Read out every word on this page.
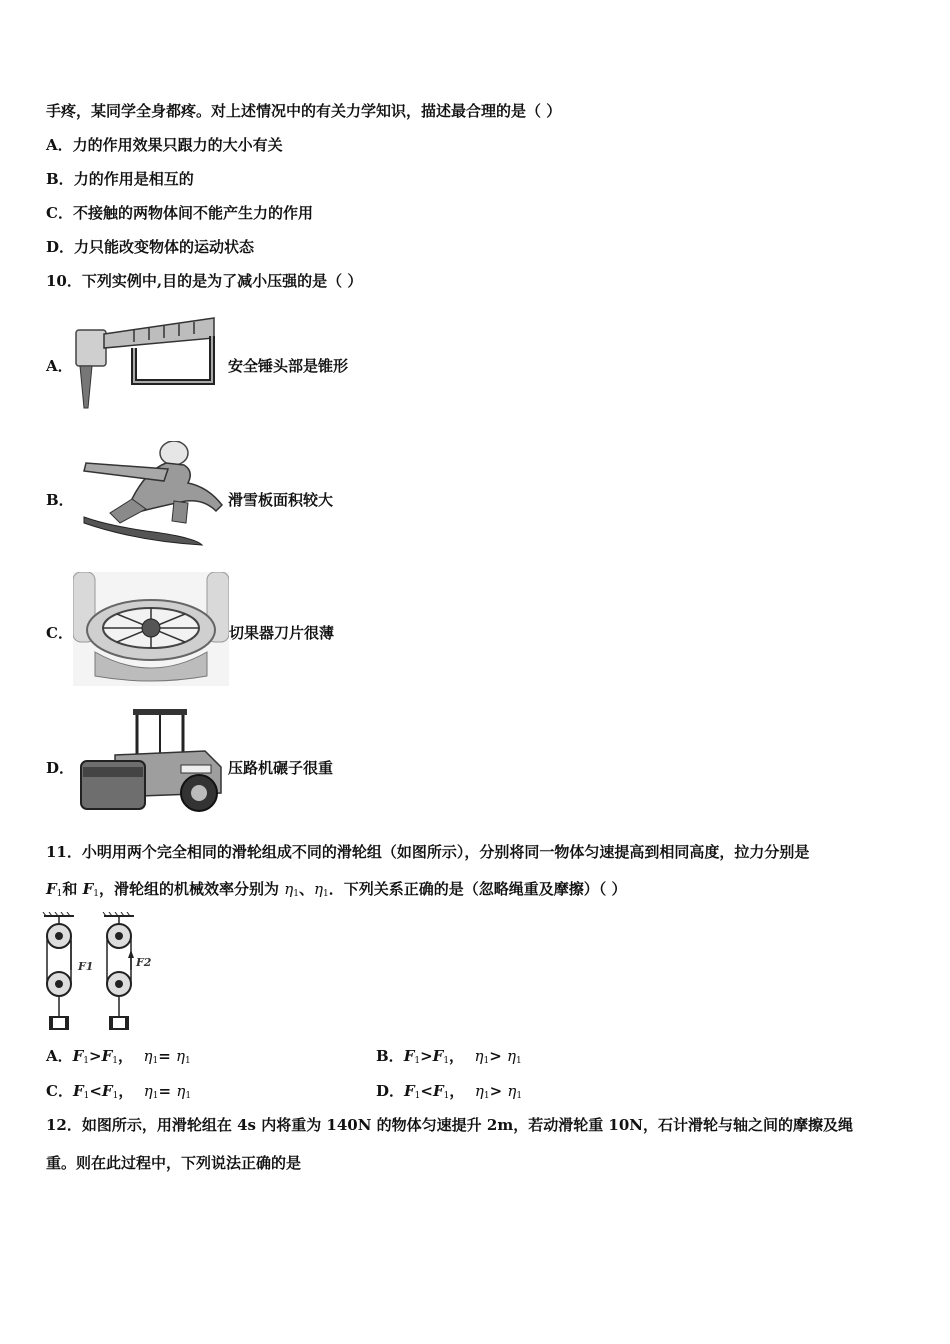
手疼，某同学全身都疼。对上述情况中的有关力学知识，描述最合理的是（ ）
A．力的作用效果只跟力的大小有关
B．力的作用是相互的
C．不接触的两物体间不能产生力的作用
D．力只能改变物体的运动状态
10．下列实例中,目的是为了减小压强的是（ ）
A．	安全锤头部是锥形
B．	滑雪板面积较大
C．	切果器刀片很薄
D．	压路机碾子很重
11．小明用两个完全相同的滑轮组成不同的滑轮组（如图所示），分别将同一物体匀速提高到相同高度，拉力分别是
$F_1$和 $F_1$，滑轮组的机械效率分别为 $\eta_1$、$\eta_1$．下列关系正确的是（忽略绳重及摩擦）（ ）
F1	F2
A．$F_1>F_1$，  $\eta_1= \eta_1$	B．$F_1>F_1$，  $\eta_1> \eta_1$
C．$F_1<F_1$，  $\eta_1= \eta_1$	D．$F_1<F_1$，  $\eta_1> \eta_1$
12．如图所示，用滑轮组在 4s 内将重为 140N 的物体匀速提升 2m，若动滑轮重 10N，石计滑轮与轴之间的摩擦及绳
重。则在此过程中，下列说法正确的是
